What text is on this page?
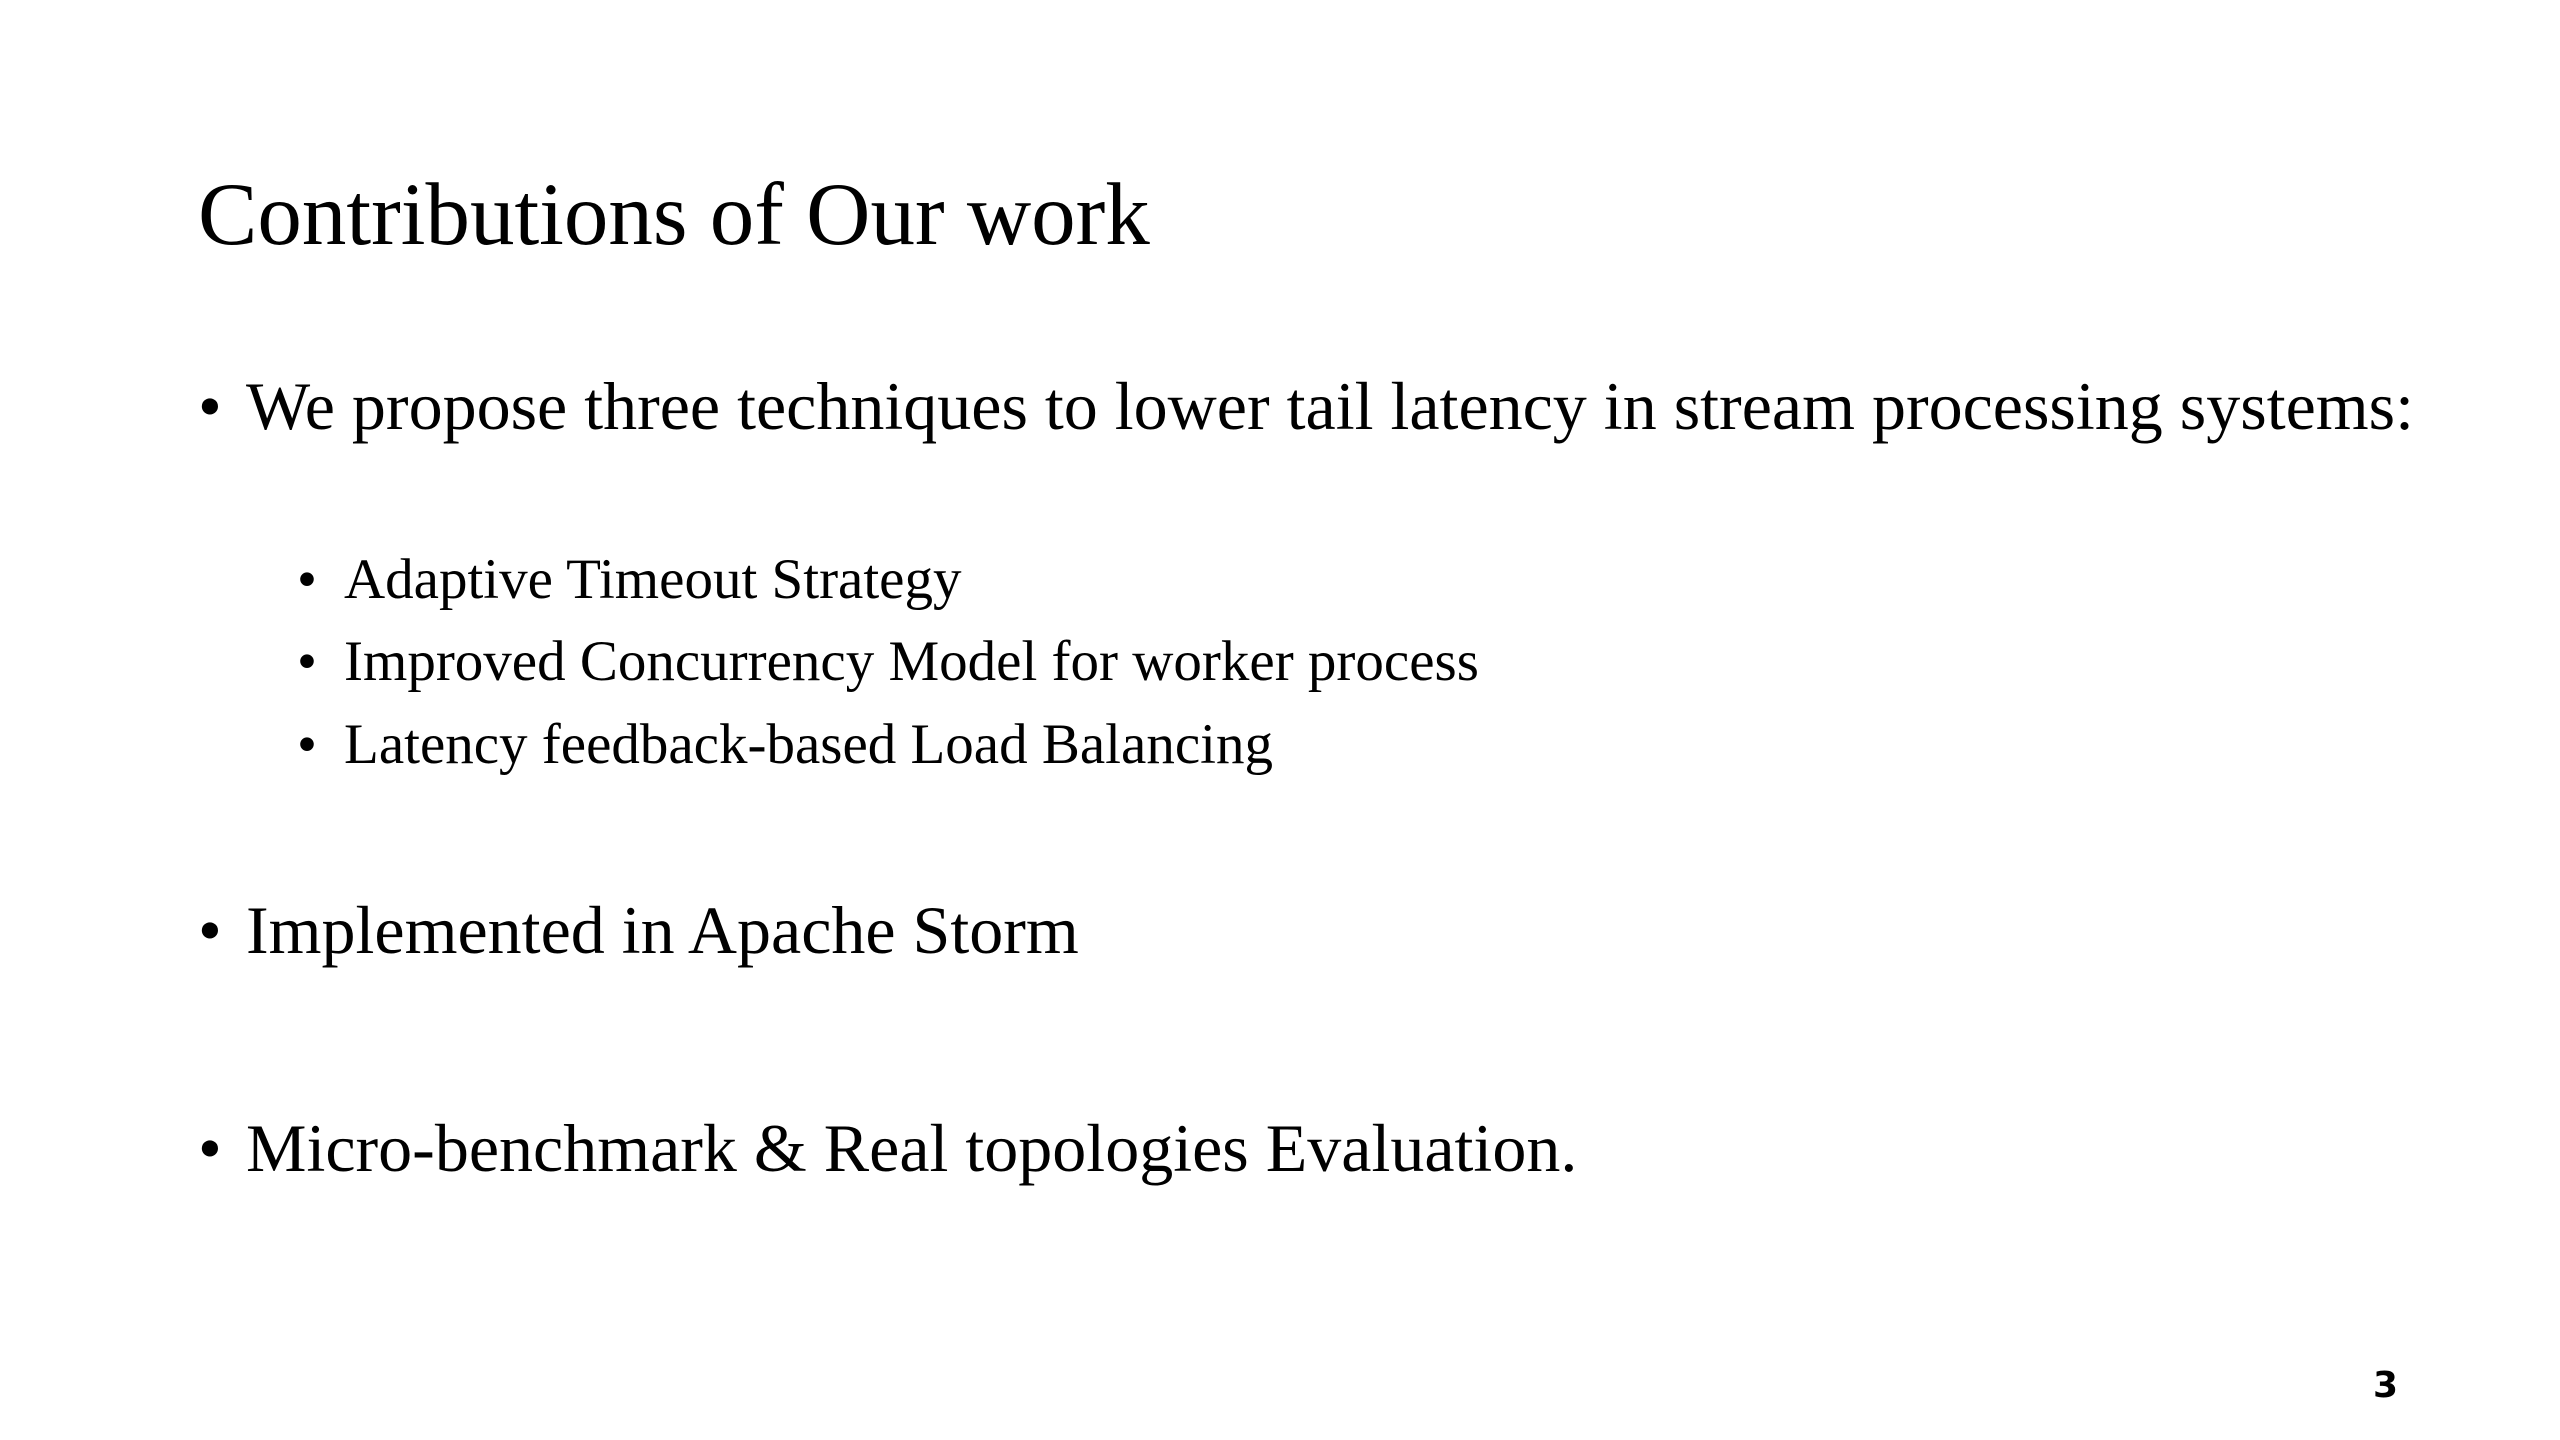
Contributions of Our work
• We propose three techniques to lower tail latency in stream processing systems:
• Adaptive Timeout Strategy
• Improved Concurrency Model for worker process
• Latency feedback-based Load Balancing
• Implemented in Apache Storm
• Micro-benchmark & Real topologies Evaluation.
3
